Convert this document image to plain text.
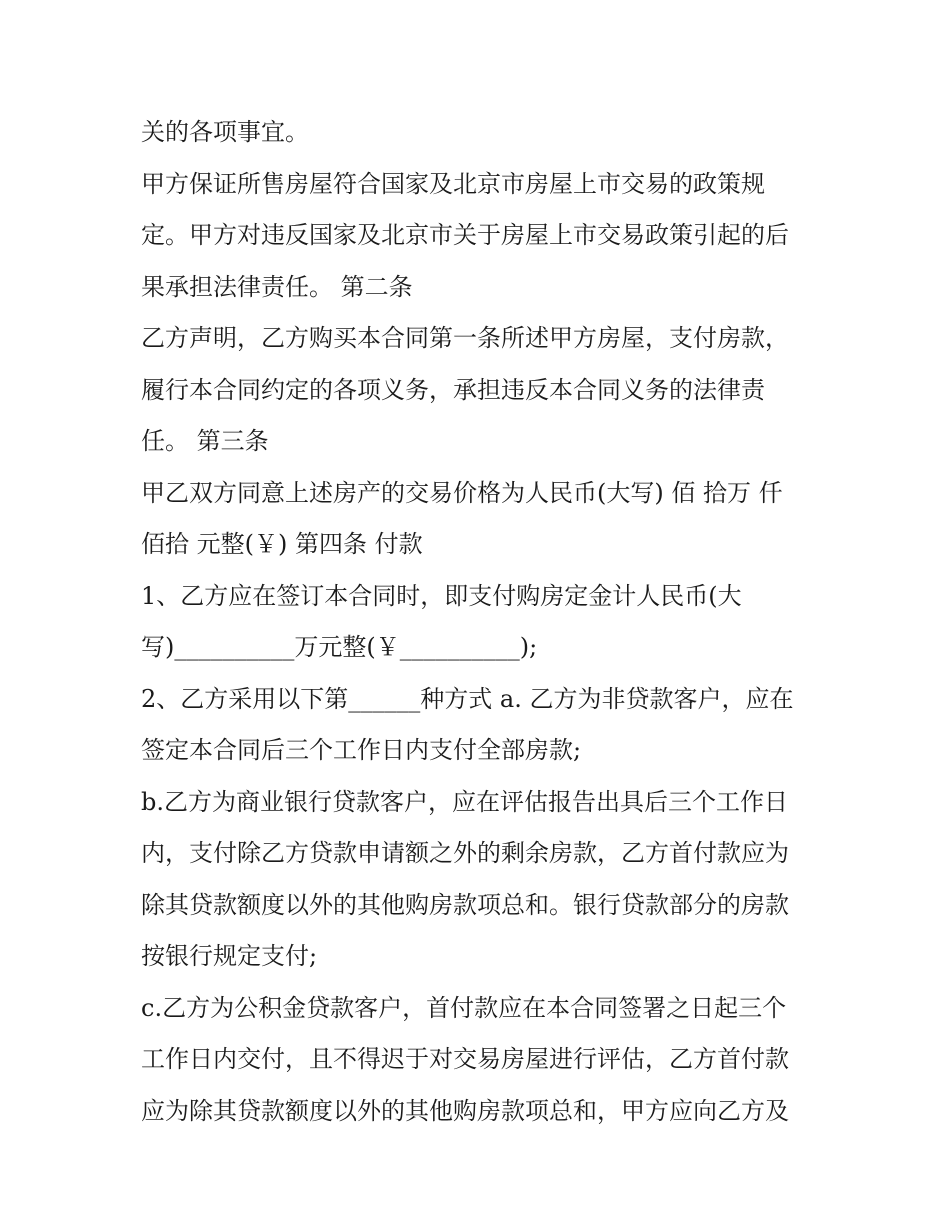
关的各项事宜。
甲方保证所售房屋符合国家及北京市房屋上市交易的政策规
定。甲方对违反国家及北京市关于房屋上市交易政策引起的后
果承担法律责任。 第二条
乙方声明，乙方购买本合同第一条所述甲方房屋，支付房款，
履行本合同约定的各项义务，承担违反本合同义务的法律责
任。 第三条
甲乙双方同意上述房产的交易价格为人民币(大写) 佰 拾万 仟
佰拾 元整(￥) 第四条 付款
1、乙方应在签订本合同时，即支付购房定金计人民币(大
写)__________万元整(￥__________);
2、乙方采用以下第______种方式 a. 乙方为非贷款客户，应在
签定本合同后三个工作日内支付全部房款;
b.乙方为商业银行贷款客户，应在评估报告出具后三个工作日
内，支付除乙方贷款申请额之外的剩余房款，乙方首付款应为
除其贷款额度以外的其他购房款项总和。银行贷款部分的房款
按银行规定支付;
c.乙方为公积金贷款客户，首付款应在本合同签署之日起三个
工作日内交付，且不得迟于对交易房屋进行评估，乙方首付款
应为除其贷款额度以外的其他购房款项总和，甲方应向乙方及
